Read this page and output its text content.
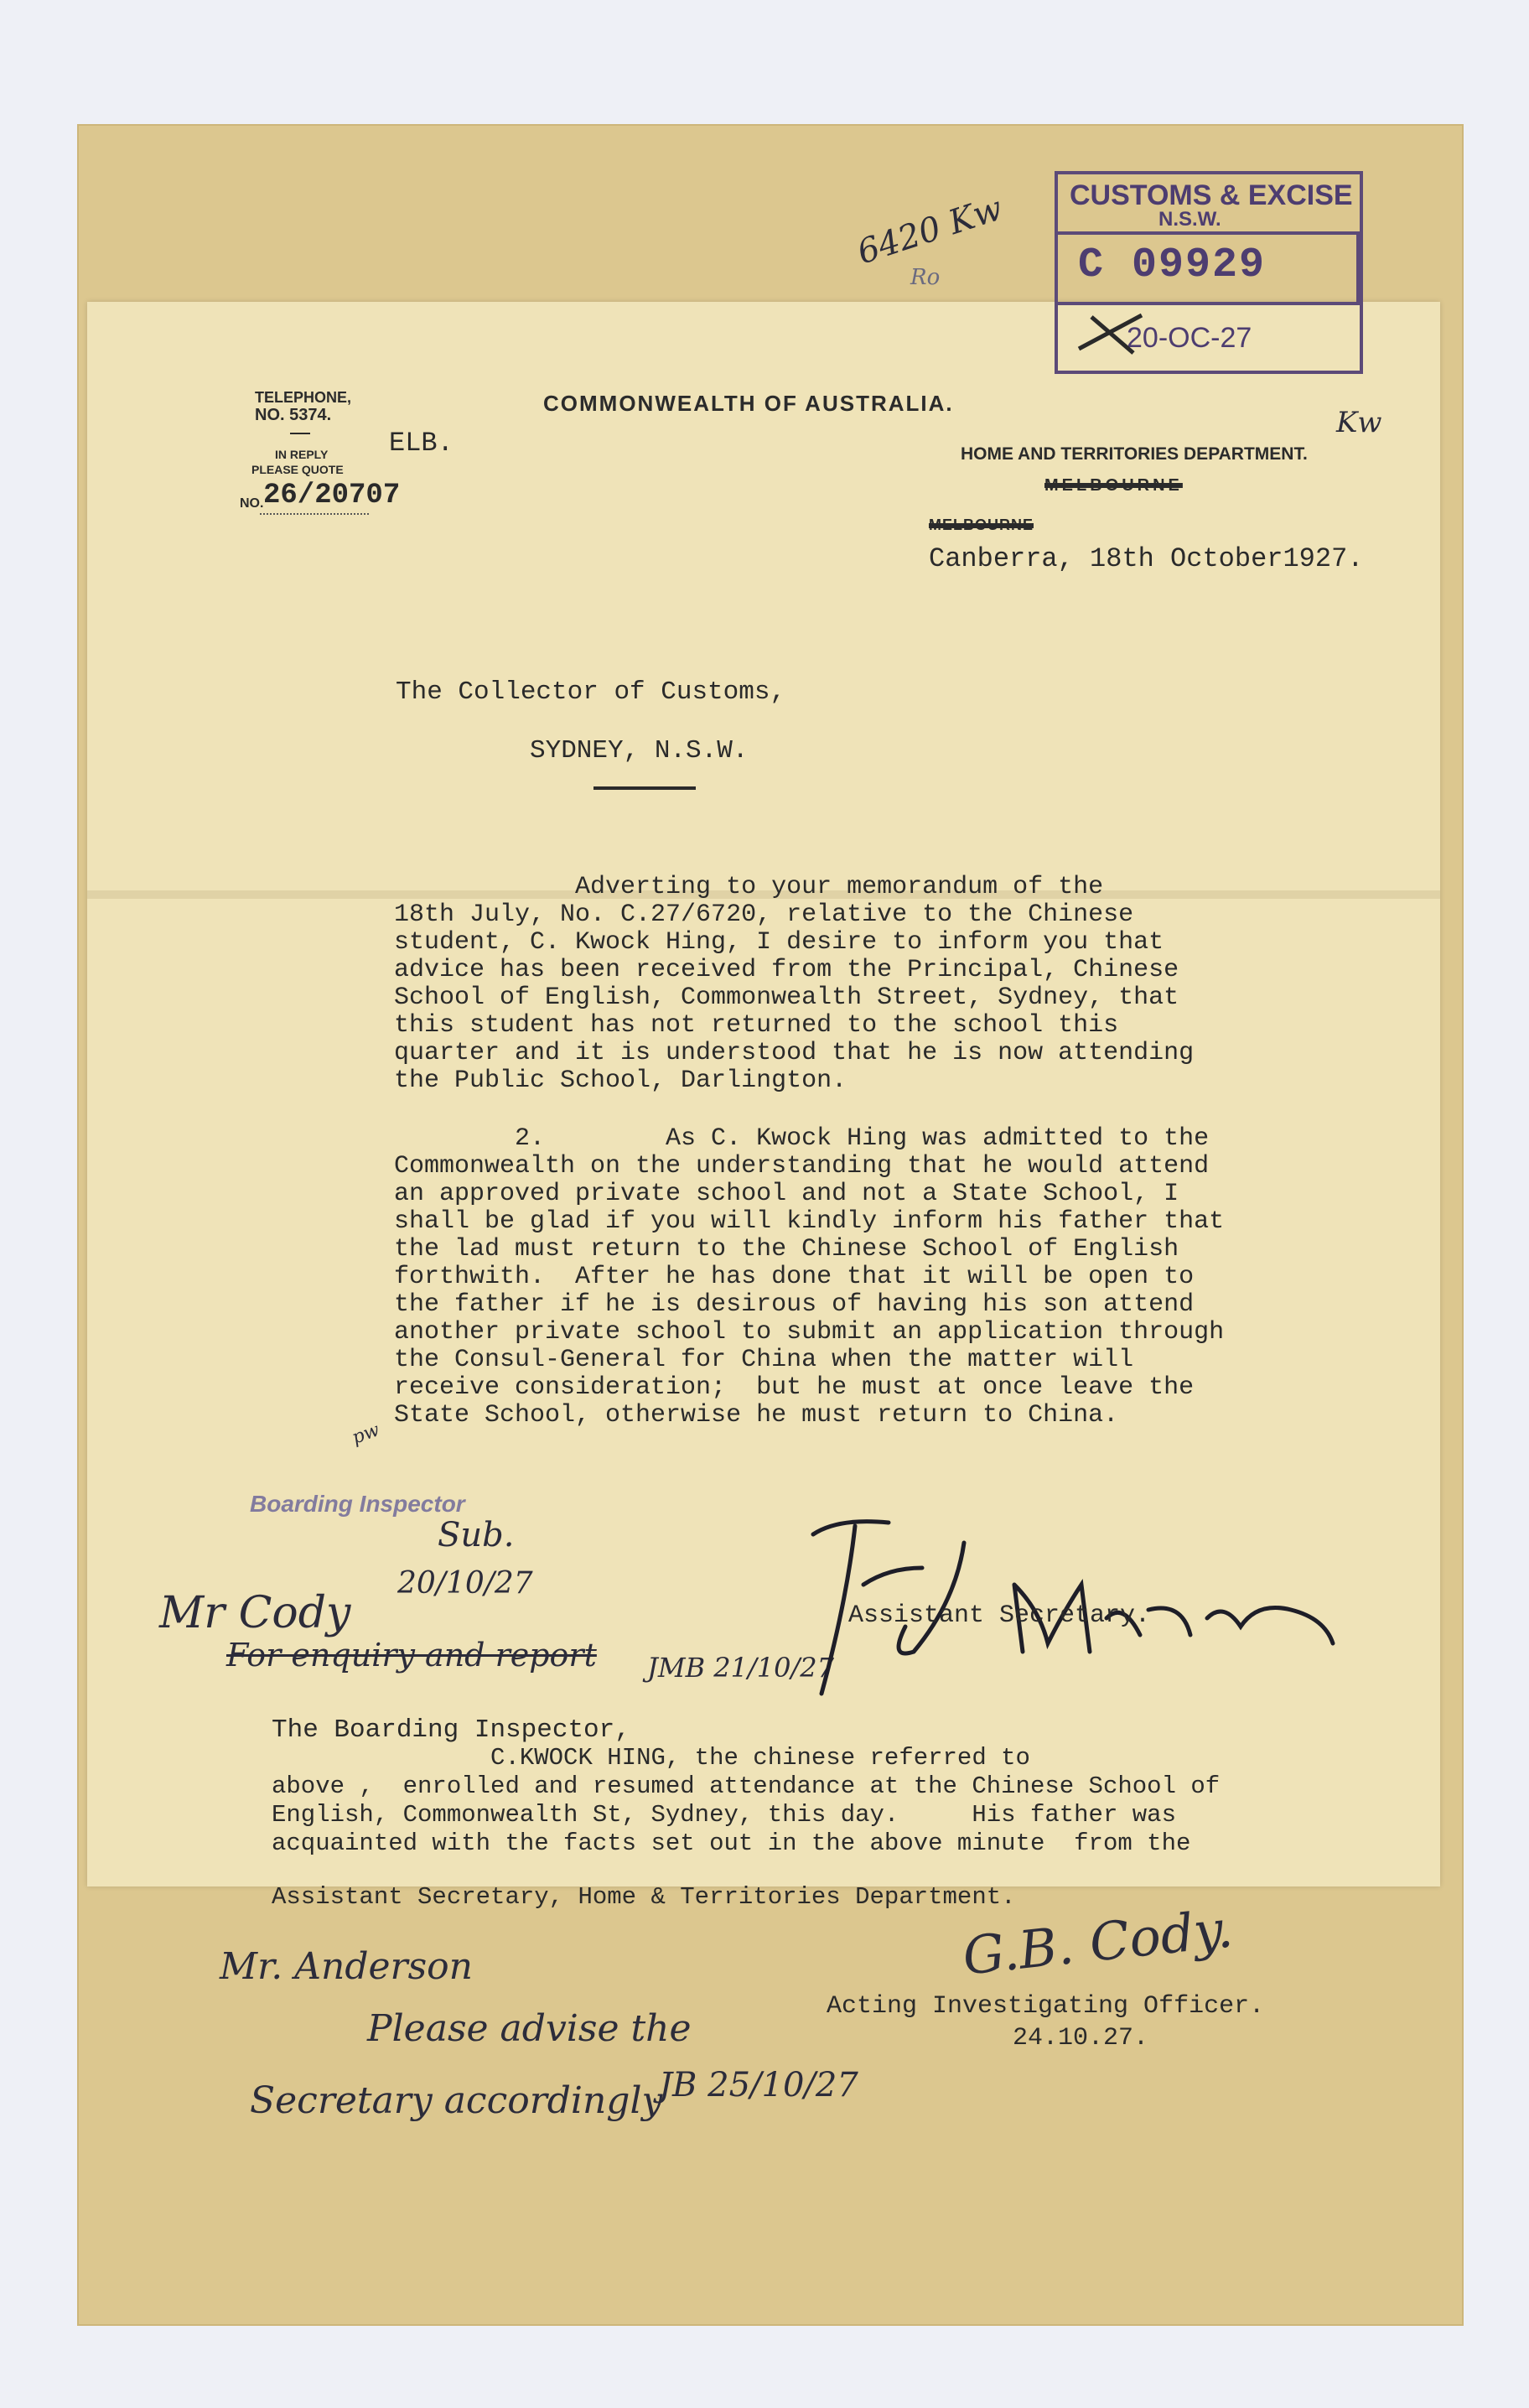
6420 Kw
Ro
Kw
CUSTOMS & EXCISE
N.S.W.
C 09929
20-OC-27
TELEPHONE,
NO. 5374.
IN REPLY
PLEASE QUOTE
NO. 26/20707
ELB.
COMMONWEALTH OF AUSTRALIA.
HOME AND TERRITORIES DEPARTMENT.
MELBOURNE
MELBOURNE
Canberra, 18th October1927.
The Collector of Customs,
SYDNEY, N.S.W.
Adverting to your memorandum of the
18th July, No. C.27/6720, relative to the Chinese
student, C. Kwock Hing, I desire to inform you that
advice has been received from the Principal, Chinese
School of English, Commonwealth Street, Sydney, that
this student has not returned to the school this
quarter and it is understood that he is now attending
the Public School, Darlington.
2.        As C. Kwock Hing was admitted to the
Commonwealth on the understanding that he would attend
an approved private school and not a State School, I
shall be glad if you will kindly inform his father that
the lad must return to the Chinese School of English
forthwith.  After he has done that it will be open to
the father if he is desirous of having his son attend
another private school to submit an application through
the Consul-General for China when the matter will
receive consideration;  but he must at once leave the
State School, otherwise he must return to China.
pw
Boarding Inspector
Sub.
20/10/27
Mr Cody
For enquiry and report JMB 21/10/27
Assistant Secretary.
The Boarding Inspector,
C.KWOCK HING, the chinese referred to
above ,  enrolled and resumed attendance at the Chinese School of
English, Commonwealth St, Sydney, this day.     His father was
acquainted with the facts set out in the above minute  from the
Assistant Secretary, Home & Territories Department.
G.B. Cody.
Acting Investigating Officer.
24.10.27.
Mr. Anderson
Please advise the
Secretary accordingly
JB 25/10/27
